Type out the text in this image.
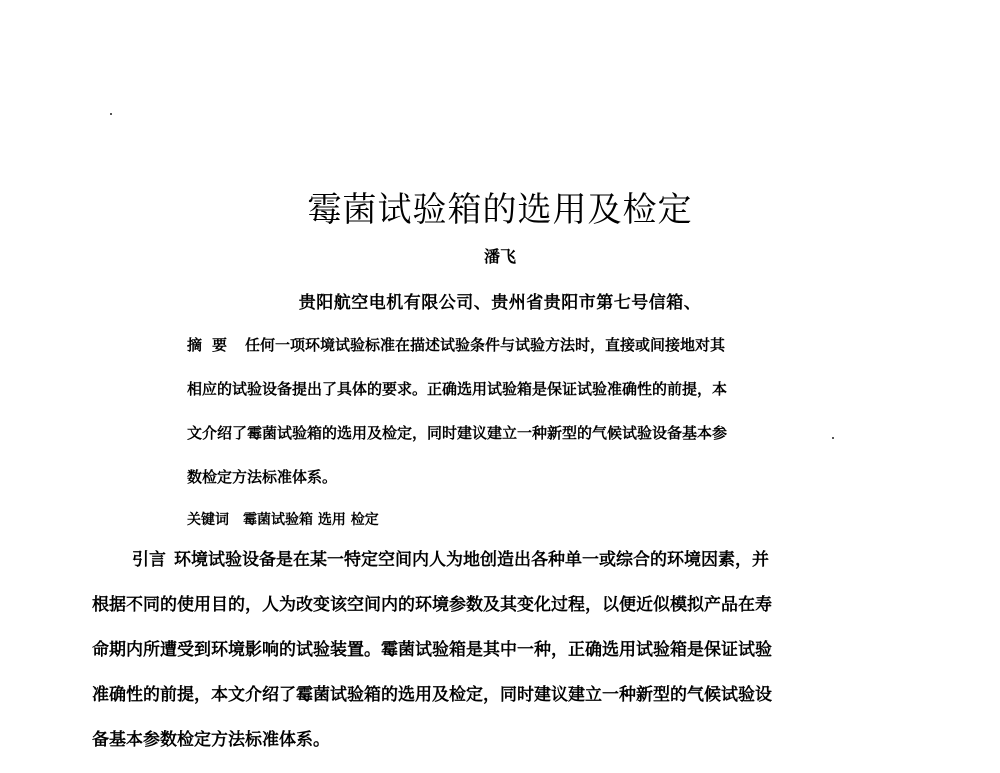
霉菌试验箱的选用及检定
潘飞
贵阳航空电机有限公司、贵州省贵阳市第七号信箱、
摘要 任何一项环境试验标准在描述试验条件与试验方法时，直接或间接地对其
相应的试验设备提出了具体的要求。正确选用试验箱是保证试验准确性的前提，本
文介绍了霉菌试验箱的选用及检定，同时建议建立一种新型的气候试验设备基本参
数检定方法标准体系。
关键词 霉菌试验箱 选用 检定
引言 环境试验设备是在某一特定空间内人为地创造出各种单一或综合的环境因素，并
根据不同的使用目的，人为改变该空间内的环境参数及其变化过程，以便近似模拟产品在寿
命期内所遭受到环境影响的试验装置。霉菌试验箱是其中一种，正确选用试验箱是保证试验
准确性的前提，本文介绍了霉菌试验箱的选用及检定，同时建议建立一种新型的气候试验设
备基本参数检定方法标准体系。
